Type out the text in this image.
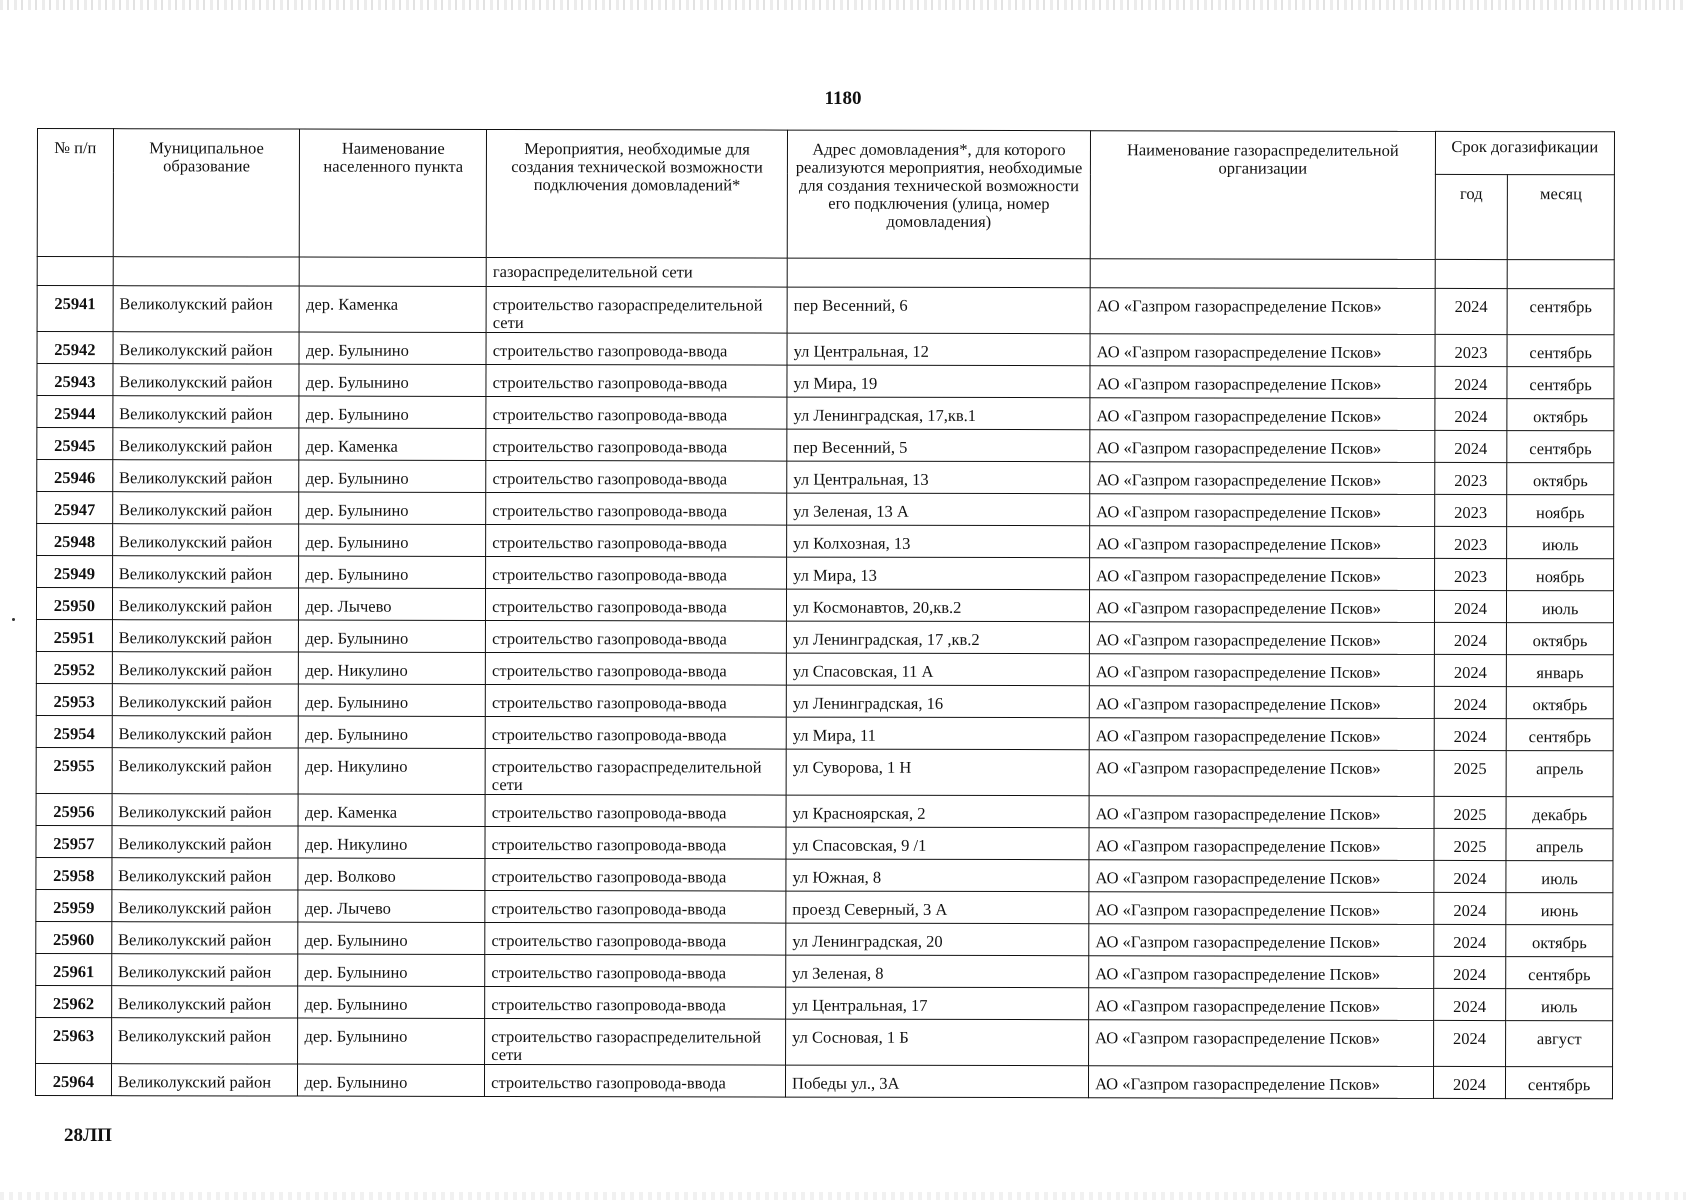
1180
№ п/п	Муниципальное образование	Наименование населенного пункта	Мероприятия, необходимые для создания технической возможности подключения домовладений*	Адрес домовладения*, для которого реализуются мероприятия, необходимые для создания технической возможности его подключения (улица, номер домовладения)	Наименование газораспределительной организации	Срок догазификации	
						год	месяц
			газораспределительной сети				
25941	Великолукский район	дер. Каменка	строительство газораспределительной сети	пер Весенний, 6	АО «Газпром газораспределение Псков»	2024	сентябрь
25942	Великолукский район	дер. Булынино	строительство газопровода-ввода	ул Центральная, 12	АО «Газпром газораспределение Псков»	2023	сентябрь
25943	Великолукский район	дер. Булынино	строительство газопровода-ввода	ул Мира, 19	АО «Газпром газораспределение Псков»	2024	сентябрь
25944	Великолукский район	дер. Булынино	строительство газопровода-ввода	ул Ленинградская, 17,кв.1	АО «Газпром газораспределение Псков»	2024	октябрь
25945	Великолукский район	дер. Каменка	строительство газопровода-ввода	пер Весенний, 5	АО «Газпром газораспределение Псков»	2024	сентябрь
25946	Великолукский район	дер. Булынино	строительство газопровода-ввода	ул Центральная, 13	АО «Газпром газораспределение Псков»	2023	октябрь
25947	Великолукский район	дер. Булынино	строительство газопровода-ввода	ул Зеленая, 13 А	АО «Газпром газораспределение Псков»	2023	ноябрь
25948	Великолукский район	дер. Булынино	строительство газопровода-ввода	ул Колхозная, 13	АО «Газпром газораспределение Псков»	2023	июль
25949	Великолукский район	дер. Булынино	строительство газопровода-ввода	ул Мира, 13	АО «Газпром газораспределение Псков»	2023	ноябрь
25950	Великолукский район	дер. Лычево	строительство газопровода-ввода	ул Космонавтов, 20,кв.2	АО «Газпром газораспределение Псков»	2024	июль
25951	Великолукский район	дер. Булынино	строительство газопровода-ввода	ул Ленинградская, 17 ,кв.2	АО «Газпром газораспределение Псков»	2024	октябрь
25952	Великолукский район	дер. Никулино	строительство газопровода-ввода	ул Спасовская, 11 А	АО «Газпром газораспределение Псков»	2024	январь
25953	Великолукский район	дер. Булынино	строительство газопровода-ввода	ул Ленинградская, 16	АО «Газпром газораспределение Псков»	2024	октябрь
25954	Великолукский район	дер. Булынино	строительство газопровода-ввода	ул Мира, 11	АО «Газпром газораспределение Псков»	2024	сентябрь
25955	Великолукский район	дер. Никулино	строительство газораспределительной сети	ул Суворова, 1 Н	АО «Газпром газораспределение Псков»	2025	апрель
25956	Великолукский район	дер. Каменка	строительство газопровода-ввода	ул Красноярская, 2	АО «Газпром газораспределение Псков»	2025	декабрь
25957	Великолукский район	дер. Никулино	строительство газопровода-ввода	ул Спасовская, 9 /1	АО «Газпром газораспределение Псков»	2025	апрель
25958	Великолукский район	дер. Волково	строительство газопровода-ввода	ул Южная, 8	АО «Газпром газораспределение Псков»	2024	июль
25959	Великолукский район	дер. Лычево	строительство газопровода-ввода	проезд Северный, 3 А	АО «Газпром газораспределение Псков»	2024	июнь
25960	Великолукский район	дер. Булынино	строительство газопровода-ввода	ул Ленинградская, 20	АО «Газпром газораспределение Псков»	2024	октябрь
25961	Великолукский район	дер. Булынино	строительство газопровода-ввода	ул Зеленая, 8	АО «Газпром газораспределение Псков»	2024	сентябрь
25962	Великолукский район	дер. Булынино	строительство газопровода-ввода	ул Центральная, 17	АО «Газпром газораспределение Псков»	2024	июль
25963	Великолукский район	дер. Булынино	строительство газораспределительной сети	ул Сосновая, 1 Б	АО «Газпром газораспределение Псков»	2024	август
25964	Великолукский район	дер. Булынино	строительство газопровода-ввода	Победы ул., 3А	АО «Газпром газораспределение Псков»	2024	сентябрь
28ЛП
